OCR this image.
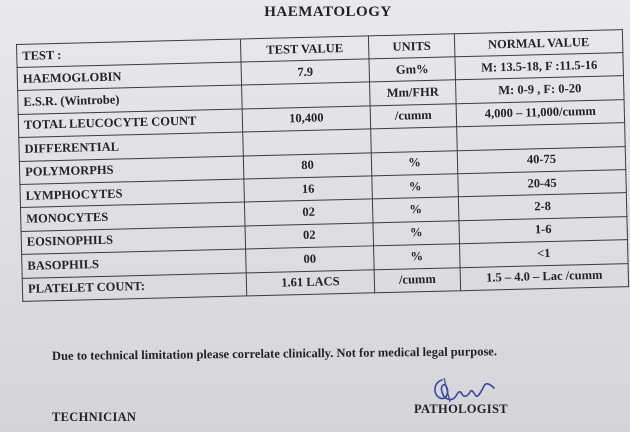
HAEMATOLOGY
TEST :	TEST VALUE	UNITS	NORMAL VALUE
HAEMOGLOBIN	7.9	Gm%	M: 13.5-18, F :11.5-16
E.S.R. (Wintrobe)		Mm/FHR	M: 0-9 , F: 0-20
TOTAL LEUCOCYTE COUNT	10,400	/cumm	4,000 – 11,000/cumm
DIFFERENTIAL			
POLYMORPHS	80	%	40-75
LYMPHOCYTES	16	%	20-45
MONOCYTES	02	%	2-8
EOSINOPHILS	02	%	1-6
BASOPHILS	00	%	<1
PLATELET COUNT:	1.61 LACS	/cumm	1.5 – 4.0 – Lac /cumm
Due to technical limitation please correlate clinically. Not for medical legal purpose.
TECHNICIAN
PATHOLOGIST
